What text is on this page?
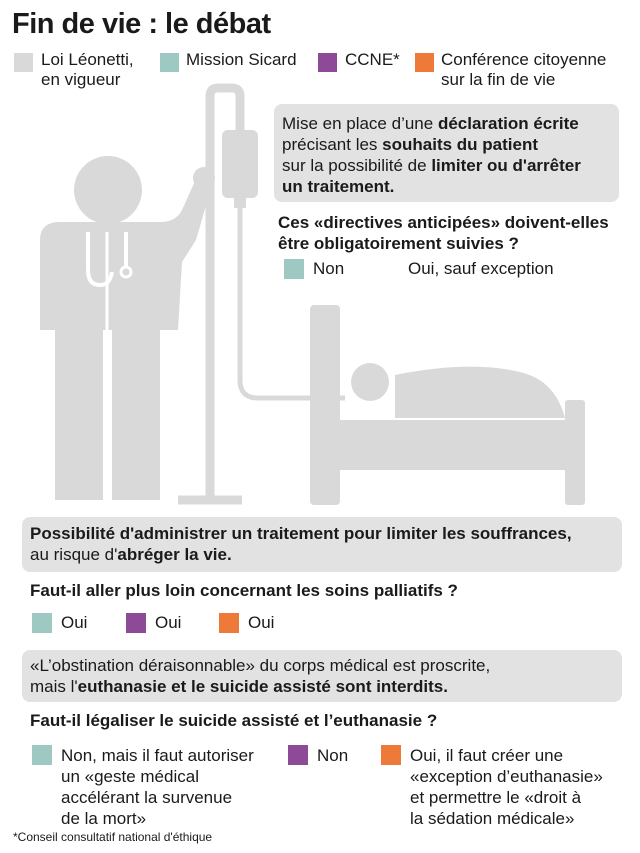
Fin de vie : le débat
Loi Léonetti,
en vigueur
Mission Sicard	CCNE* Conférence citoyenne
sur la fin de vie
Mise en place d’une déclaration écrite
précisant les souhaits du patient
sur la possibilité de limiter ou d'arrêter
un traitement.
Ces «directives anticipées» doivent-elles
être obligatoirement suivies ?
Non	Oui, sauf exception
Possibilité d'administrer un traitement pour limiter les souffrances,
au risque d'abréger la vie.
Faut-il aller plus loin concernant les soins palliatifs ?
Oui	Oui	Oui
«L’obstination déraisonnable» du corps médical est proscrite,
mais l'euthanasie et le suicide assisté sont interdits.
Faut-il légaliser le suicide assisté et l’euthanasie ?
Non, mais il faut autoriser
un «geste médical
accélérant la survenue
de la mort»
Non	Oui, il faut créer une
«exception d’euthanasie»
et permettre le «droit à
la sédation médicale»
*Conseil consultatif national d'éthique
